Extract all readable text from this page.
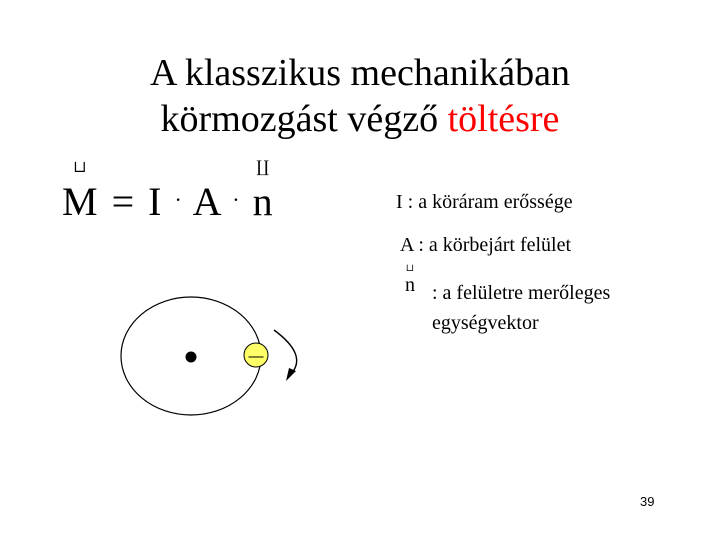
A klasszikus mechanikában
körmozgást végző töltésre
⊔
M = I · A ·
∐
n	I : a köráram erőssége
A : a körbejárt felület
⊔
n : a felületre merőleges egységvektor
—
39
